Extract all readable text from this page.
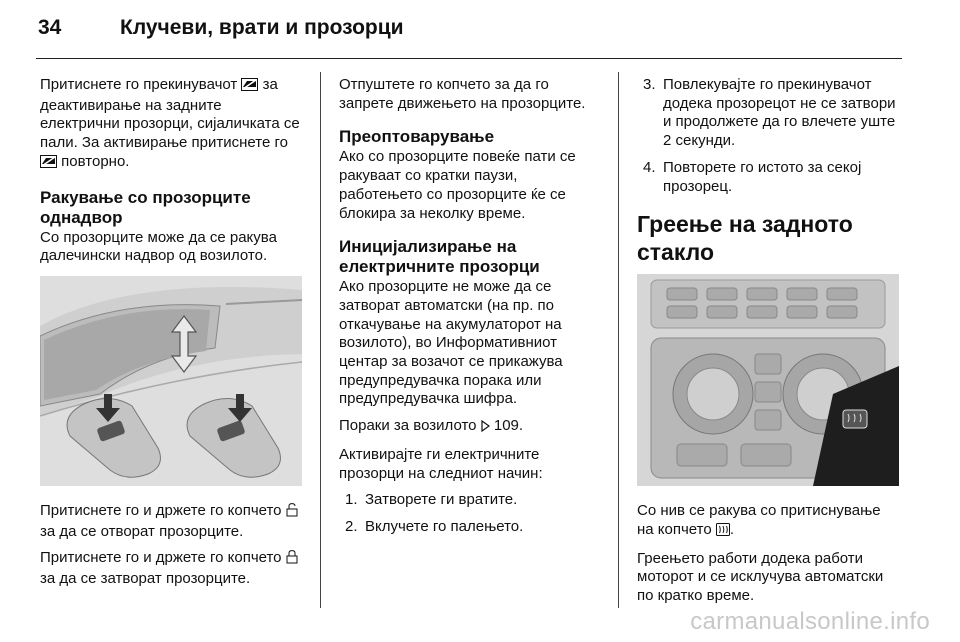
34	Клучеви, врати и прозорци

Притиснете го прекинувачот  за деактивирање на задните електрични прозорци, сијаличката се пали. За активирање притиснете го  повторно.

Ракување со прозорците однадвор

Со прозорците може да се ракува далечински надвор од возилото.

Притиснете го и држете го копчето  за да се отворат прозорците.

Притиснете го и држете го копчето  за да се затворат прозорците.

Отпуштете го копчето за да го запрете движењето на прозорците.

Преоптоварување

Ако со прозорците повеќе пати се ракуваат со кратки паузи, работењето со прозорците ќе се блокира за неколку време.

Иницијализирање на електричните прозорци

Ако прозорците не може да се затворат автоматски (на пр. по откачување на акумулаторот на возилото), во Информативниот центар за возачот се прикажува предупредувачка порака или предупредувачка шифра.

Пораки за возилото  109.

Активирајте ги електричните прозорци на следниот начин:

1. Затворете ги вратите.
2. Вклучете го палењето.
3. Повлекувајте го прекинувачот додека прозорецот не се затвори и продолжете да го влечете уште 2 секунди.
4. Повторете го истото за секој прозорец.
Греење на задното стакло

Со нив се ракува со притиснување на копчето .

Греењето работи додека работи моторот и се исклучува автоматски по кратко време.

carmanualsonline.info
